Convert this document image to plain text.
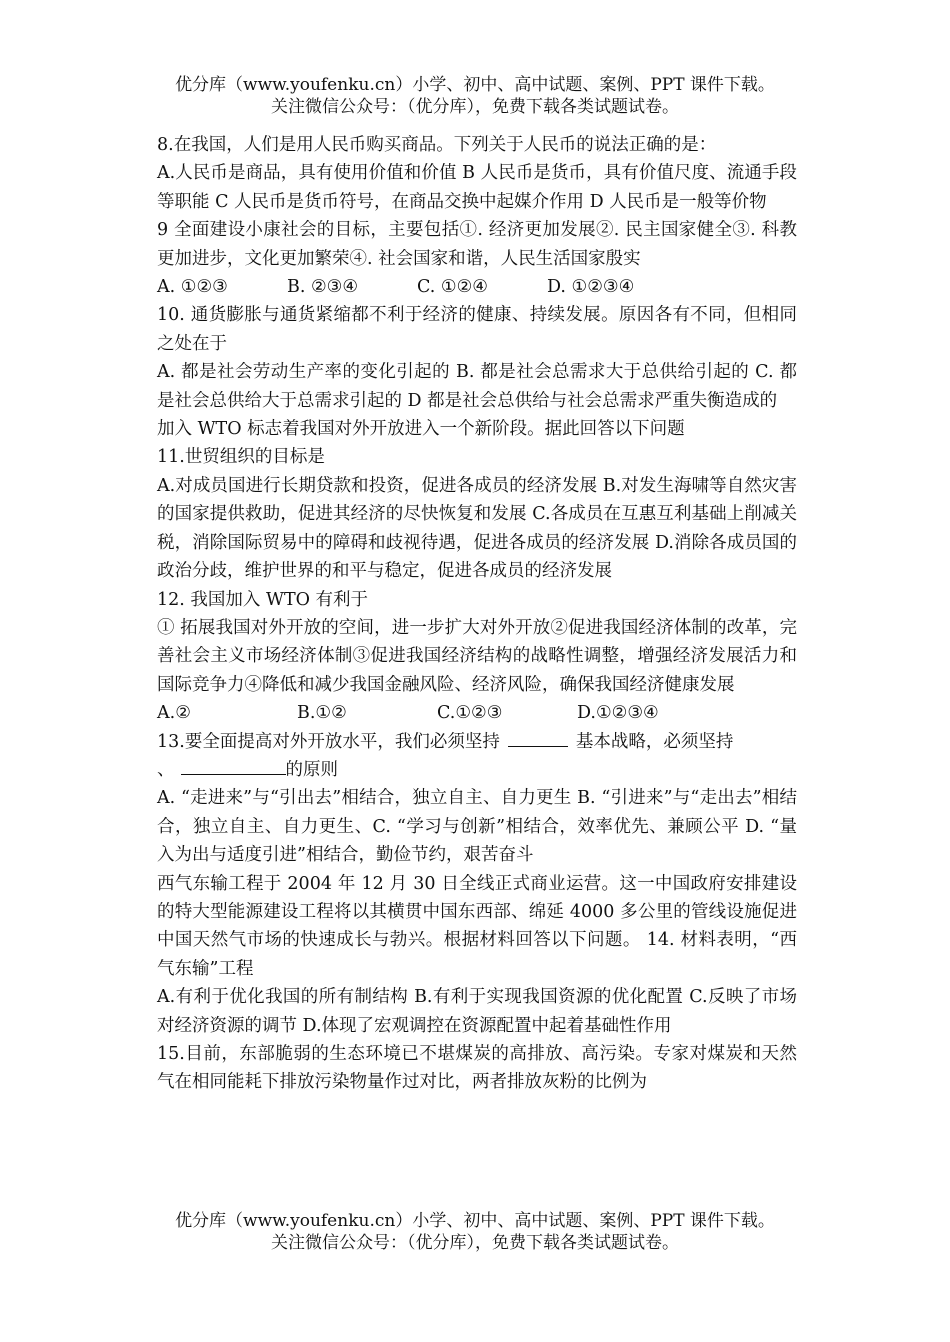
优分库（www.youfenku.cn）小学、初中、高中试题、案例、PPT 课件下载。
关注微信公众号：（优分库），免费下载各类试题试卷。

8.在我国，人们是用人民币购买商品。下列关于人民币的说法正确的是：

A.人民币是商品，具有使用价值和价值 B 人民币是货币，具有价值尺度、流通手段等职能 C 人民币是货币符号，在商品交换中起媒介作用 D 人民币是一般等价物

9 全面建设小康社会的目标，主要包括①. 经济更加发展②. 民主国家健全③. 科教更加进步，文化更加繁荣④. 社会国家和谐，人民生活国家殷实

A. ①②③	B. ②③④	C. ①②④	D. ①②③④

10. 通货膨胀与通货紧缩都不利于经济的健康、持续发展。原因各有不同，但相同之处在于

A. 都是社会劳动生产率的变化引起的 B. 都是社会总需求大于总供给引起的 C. 都是社会总供给大于总需求引起的 D 都是社会总供给与社会总需求严重失衡造成的

加入 WTO 标志着我国对外开放进入一个新阶段。据此回答以下问题

11.世贸组织的目标是

A.对成员国进行长期贷款和投资，促进各成员的经济发展 B.对发生海啸等自然灾害的国家提供救助，促进其经济的尽快恢复和发展 C.各成员在互惠互利基础上削减关税，消除国际贸易中的障碍和歧视待遇，促进各成员的经济发展 D.消除各成员国的政治分歧，维护世界的和平与稳定，促进各成员的经济发展

12. 我国加入 WTO 有利于

① 拓展我国对外开放的空间，进一步扩大对外开放②促进我国经济体制的改革，完善社会主义市场经济体制③促进我国经济结构的战略性调整，增强经济发展活力和国际竞争力④降低和减少我国金融风险、经济风险，确保我国经济健康发展

A.②	B.①②	C.①②③	D.①②③④

13.要全面提高对外开放水平，我们必须坚持	基本战略，必须坚持
、	的原则

A. “走进来”与“引出去”相结合，独立自主、自力更生 B. “引进来”与“走出去”相结合，独立自主、自力更生、C. “学习与创新”相结合，效率优先、兼顾公平 D. “量入为出与适度引进”相结合，勤俭节约，艰苦奋斗

西气东输工程于 2004 年 12 月 30 日全线正式商业运营。这一中国政府安排建设的特大型能源建设工程将以其横贯中国东西部、绵延 4000 多公里的管线设施促进中国天然气市场的快速成长与勃兴。根据材料回答以下问题。 14. 材料表明，“西气东输”工程

A.有利于优化我国的所有制结构 B.有利于实现我国资源的优化配置 C.反映了市场对经济资源的调节 D.体现了宏观调控在资源配置中起着基础性作用

15.目前，东部脆弱的生态环境已不堪煤炭的高排放、高污染。专家对煤炭和天然气在相同能耗下排放污染物量作过对比，两者排放灰粉的比例为

优分库（www.youfenku.cn）小学、初中、高中试题、案例、PPT 课件下载。
关注微信公众号：（优分库），免费下载各类试题试卷。
